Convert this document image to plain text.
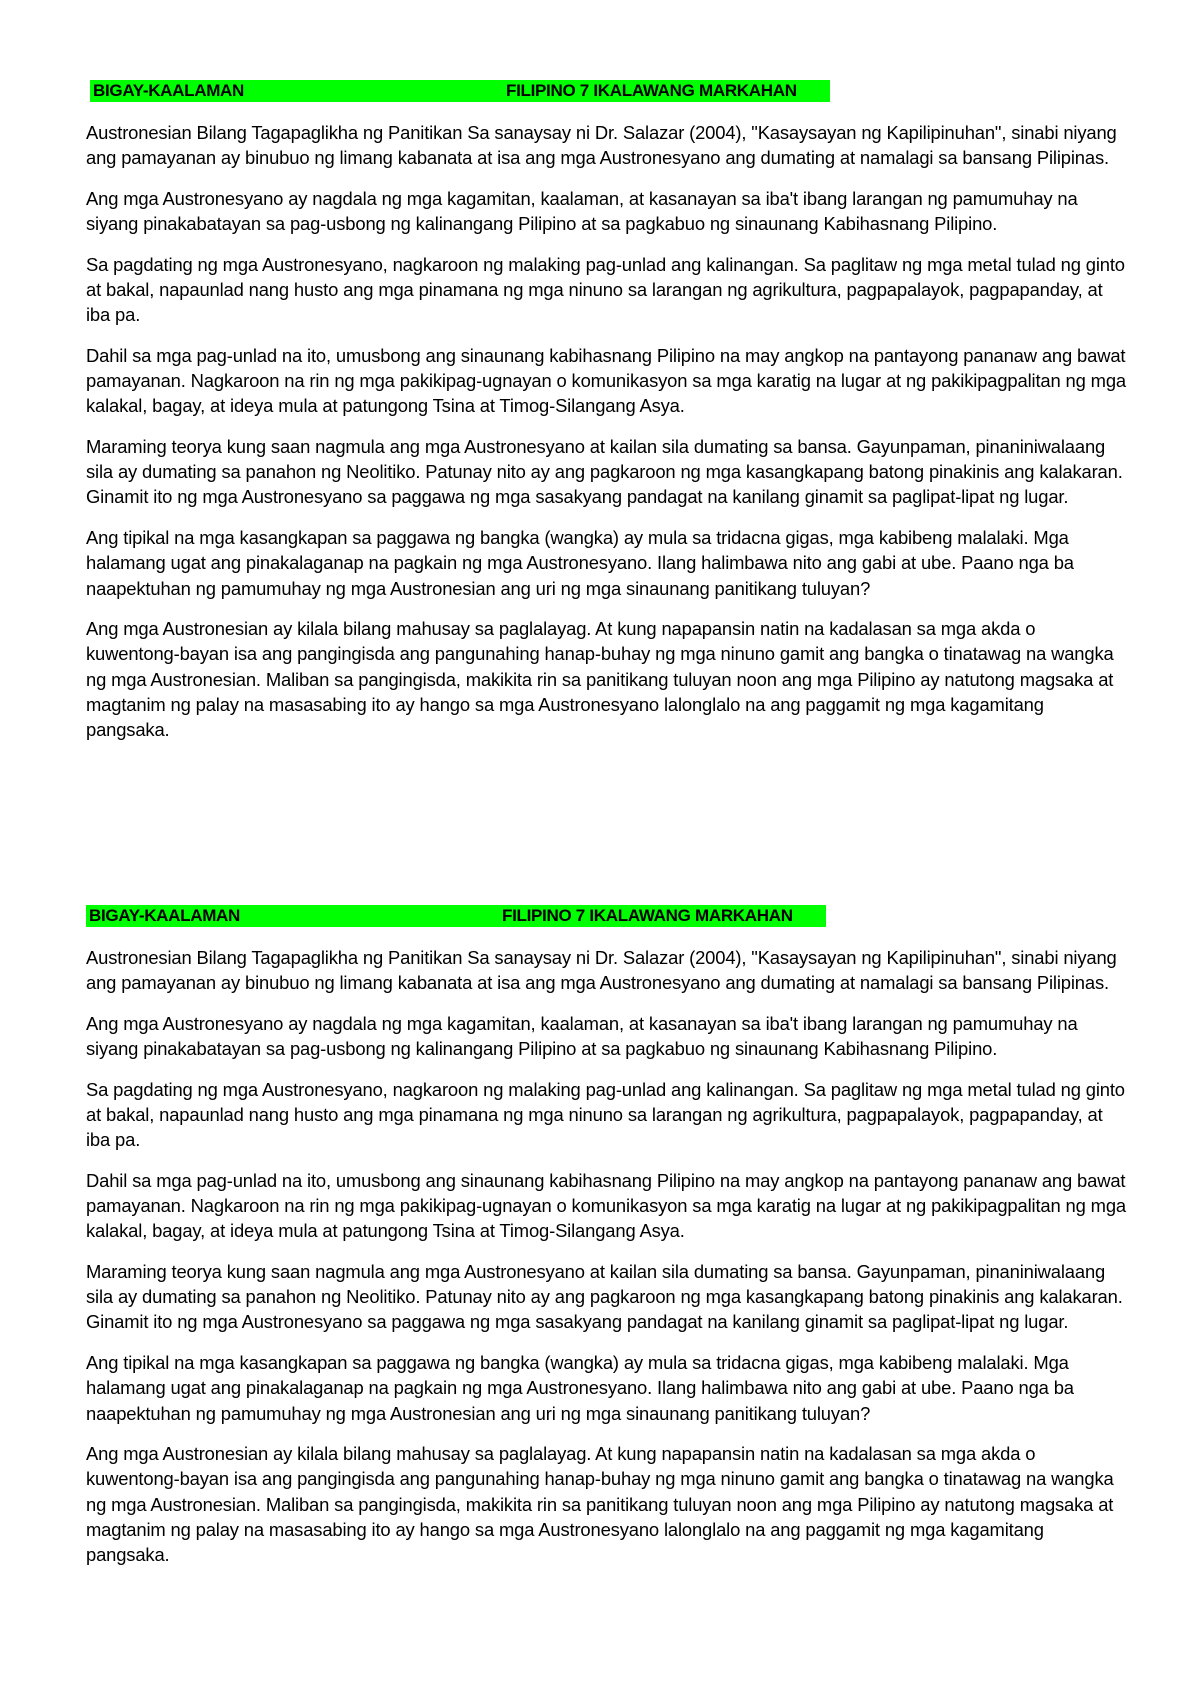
BIGAY-KAALAMAN	FILIPINO 7 IKALAWANG MARKAHAN

Austronesian Bilang Tagapaglikha ng Panitikan Sa sanaysay ni Dr. Salazar (2004), "Kasaysayan ng Kapilipinuhan", sinabi niyang ang pamayanan ay binubuo ng limang kabanata at isa ang mga Austronesyano ang dumating at namalagi sa bansang Pilipinas.

Ang mga Austronesyano ay nagdala ng mga kagamitan, kaalaman, at kasanayan sa iba't ibang larangan ng pamumuhay na siyang pinakabatayan sa pag-usbong ng kalinangang Pilipino at sa pagkabuo ng sinaunang Kabihasnang Pilipino.

Sa pagdating ng mga Austronesyano, nagkaroon ng malaking pag-unlad ang kalinangan. Sa paglitaw ng mga metal tulad ng ginto at bakal, napaunlad nang husto ang mga pinamana ng mga ninuno sa larangan ng agrikultura, pagpapalayok, pagpapanday, at iba pa.

Dahil sa mga pag-unlad na ito, umusbong ang sinaunang kabihasnang Pilipino na may angkop na pantayong pananaw ang bawat pamayanan. Nagkaroon na rin ng mga pakikipag-ugnayan o komunikasyon sa mga karatig na lugar at ng pakikipagpalitan ng mga kalakal, bagay, at ideya mula at patungong Tsina at Timog-Silangang Asya.

Maraming teorya kung saan nagmula ang mga Austronesyano at kailan sila dumating sa bansa. Gayunpaman, pinaniniwalaang sila ay dumating sa panahon ng Neolitiko. Patunay nito ay ang pagkaroon ng mga kasangkapang batong pinakinis ang kalakaran. Ginamit ito ng mga Austronesyano sa paggawa ng mga sasakyang pandagat na kanilang ginamit sa paglipat-lipat ng lugar.

Ang tipikal na mga kasangkapan sa paggawa ng bangka (wangka) ay mula sa tridacna gigas, mga kabibeng malalaki. Mga halamang ugat ang pinakalaganap na pagkain ng mga Austronesyano. Ilang halimbawa nito ang gabi at ube. Paano nga ba naapektuhan ng pamumuhay ng mga Austronesian ang uri ng mga sinaunang panitikang tuluyan?

Ang mga Austronesian ay kilala bilang mahusay sa paglalayag. At kung napapansin natin na kadalasan sa mga akda o kuwentong-bayan isa ang pangingisda ang pangunahing hanap-buhay ng mga ninuno gamit ang bangka o tinatawag na wangka ng mga Austronesian. Maliban sa pangingisda, makikita rin sa panitikang tuluyan noon ang mga Pilipino ay natutong magsaka at magtanim ng palay na masasabing ito ay hango sa mga Austronesyano lalonglalo na ang paggamit ng mga kagamitang pangsaka.

BIGAY-KAALAMAN	FILIPINO 7 IKALAWANG MARKAHAN

Austronesian Bilang Tagapaglikha ng Panitikan Sa sanaysay ni Dr. Salazar (2004), "Kasaysayan ng Kapilipinuhan", sinabi niyang ang pamayanan ay binubuo ng limang kabanata at isa ang mga Austronesyano ang dumating at namalagi sa bansang Pilipinas.

Ang mga Austronesyano ay nagdala ng mga kagamitan, kaalaman, at kasanayan sa iba't ibang larangan ng pamumuhay na siyang pinakabatayan sa pag-usbong ng kalinangang Pilipino at sa pagkabuo ng sinaunang Kabihasnang Pilipino.

Sa pagdating ng mga Austronesyano, nagkaroon ng malaking pag-unlad ang kalinangan. Sa paglitaw ng mga metal tulad ng ginto at bakal, napaunlad nang husto ang mga pinamana ng mga ninuno sa larangan ng agrikultura, pagpapalayok, pagpapanday, at iba pa.

Dahil sa mga pag-unlad na ito, umusbong ang sinaunang kabihasnang Pilipino na may angkop na pantayong pananaw ang bawat pamayanan. Nagkaroon na rin ng mga pakikipag-ugnayan o komunikasyon sa mga karatig na lugar at ng pakikipagpalitan ng mga kalakal, bagay, at ideya mula at patungong Tsina at Timog-Silangang Asya.

Maraming teorya kung saan nagmula ang mga Austronesyano at kailan sila dumating sa bansa. Gayunpaman, pinaniniwalaang sila ay dumating sa panahon ng Neolitiko. Patunay nito ay ang pagkaroon ng mga kasangkapang batong pinakinis ang kalakaran. Ginamit ito ng mga Austronesyano sa paggawa ng mga sasakyang pandagat na kanilang ginamit sa paglipat-lipat ng lugar.

Ang tipikal na mga kasangkapan sa paggawa ng bangka (wangka) ay mula sa tridacna gigas, mga kabibeng malalaki. Mga halamang ugat ang pinakalaganap na pagkain ng mga Austronesyano. Ilang halimbawa nito ang gabi at ube. Paano nga ba naapektuhan ng pamumuhay ng mga Austronesian ang uri ng mga sinaunang panitikang tuluyan?

Ang mga Austronesian ay kilala bilang mahusay sa paglalayag. At kung napapansin natin na kadalasan sa mga akda o kuwentong-bayan isa ang pangingisda ang pangunahing hanap-buhay ng mga ninuno gamit ang bangka o tinatawag na wangka ng mga Austronesian. Maliban sa pangingisda, makikita rin sa panitikang tuluyan noon ang mga Pilipino ay natutong magsaka at magtanim ng palay na masasabing ito ay hango sa mga Austronesyano lalonglalo na ang paggamit ng mga kagamitang pangsaka.
